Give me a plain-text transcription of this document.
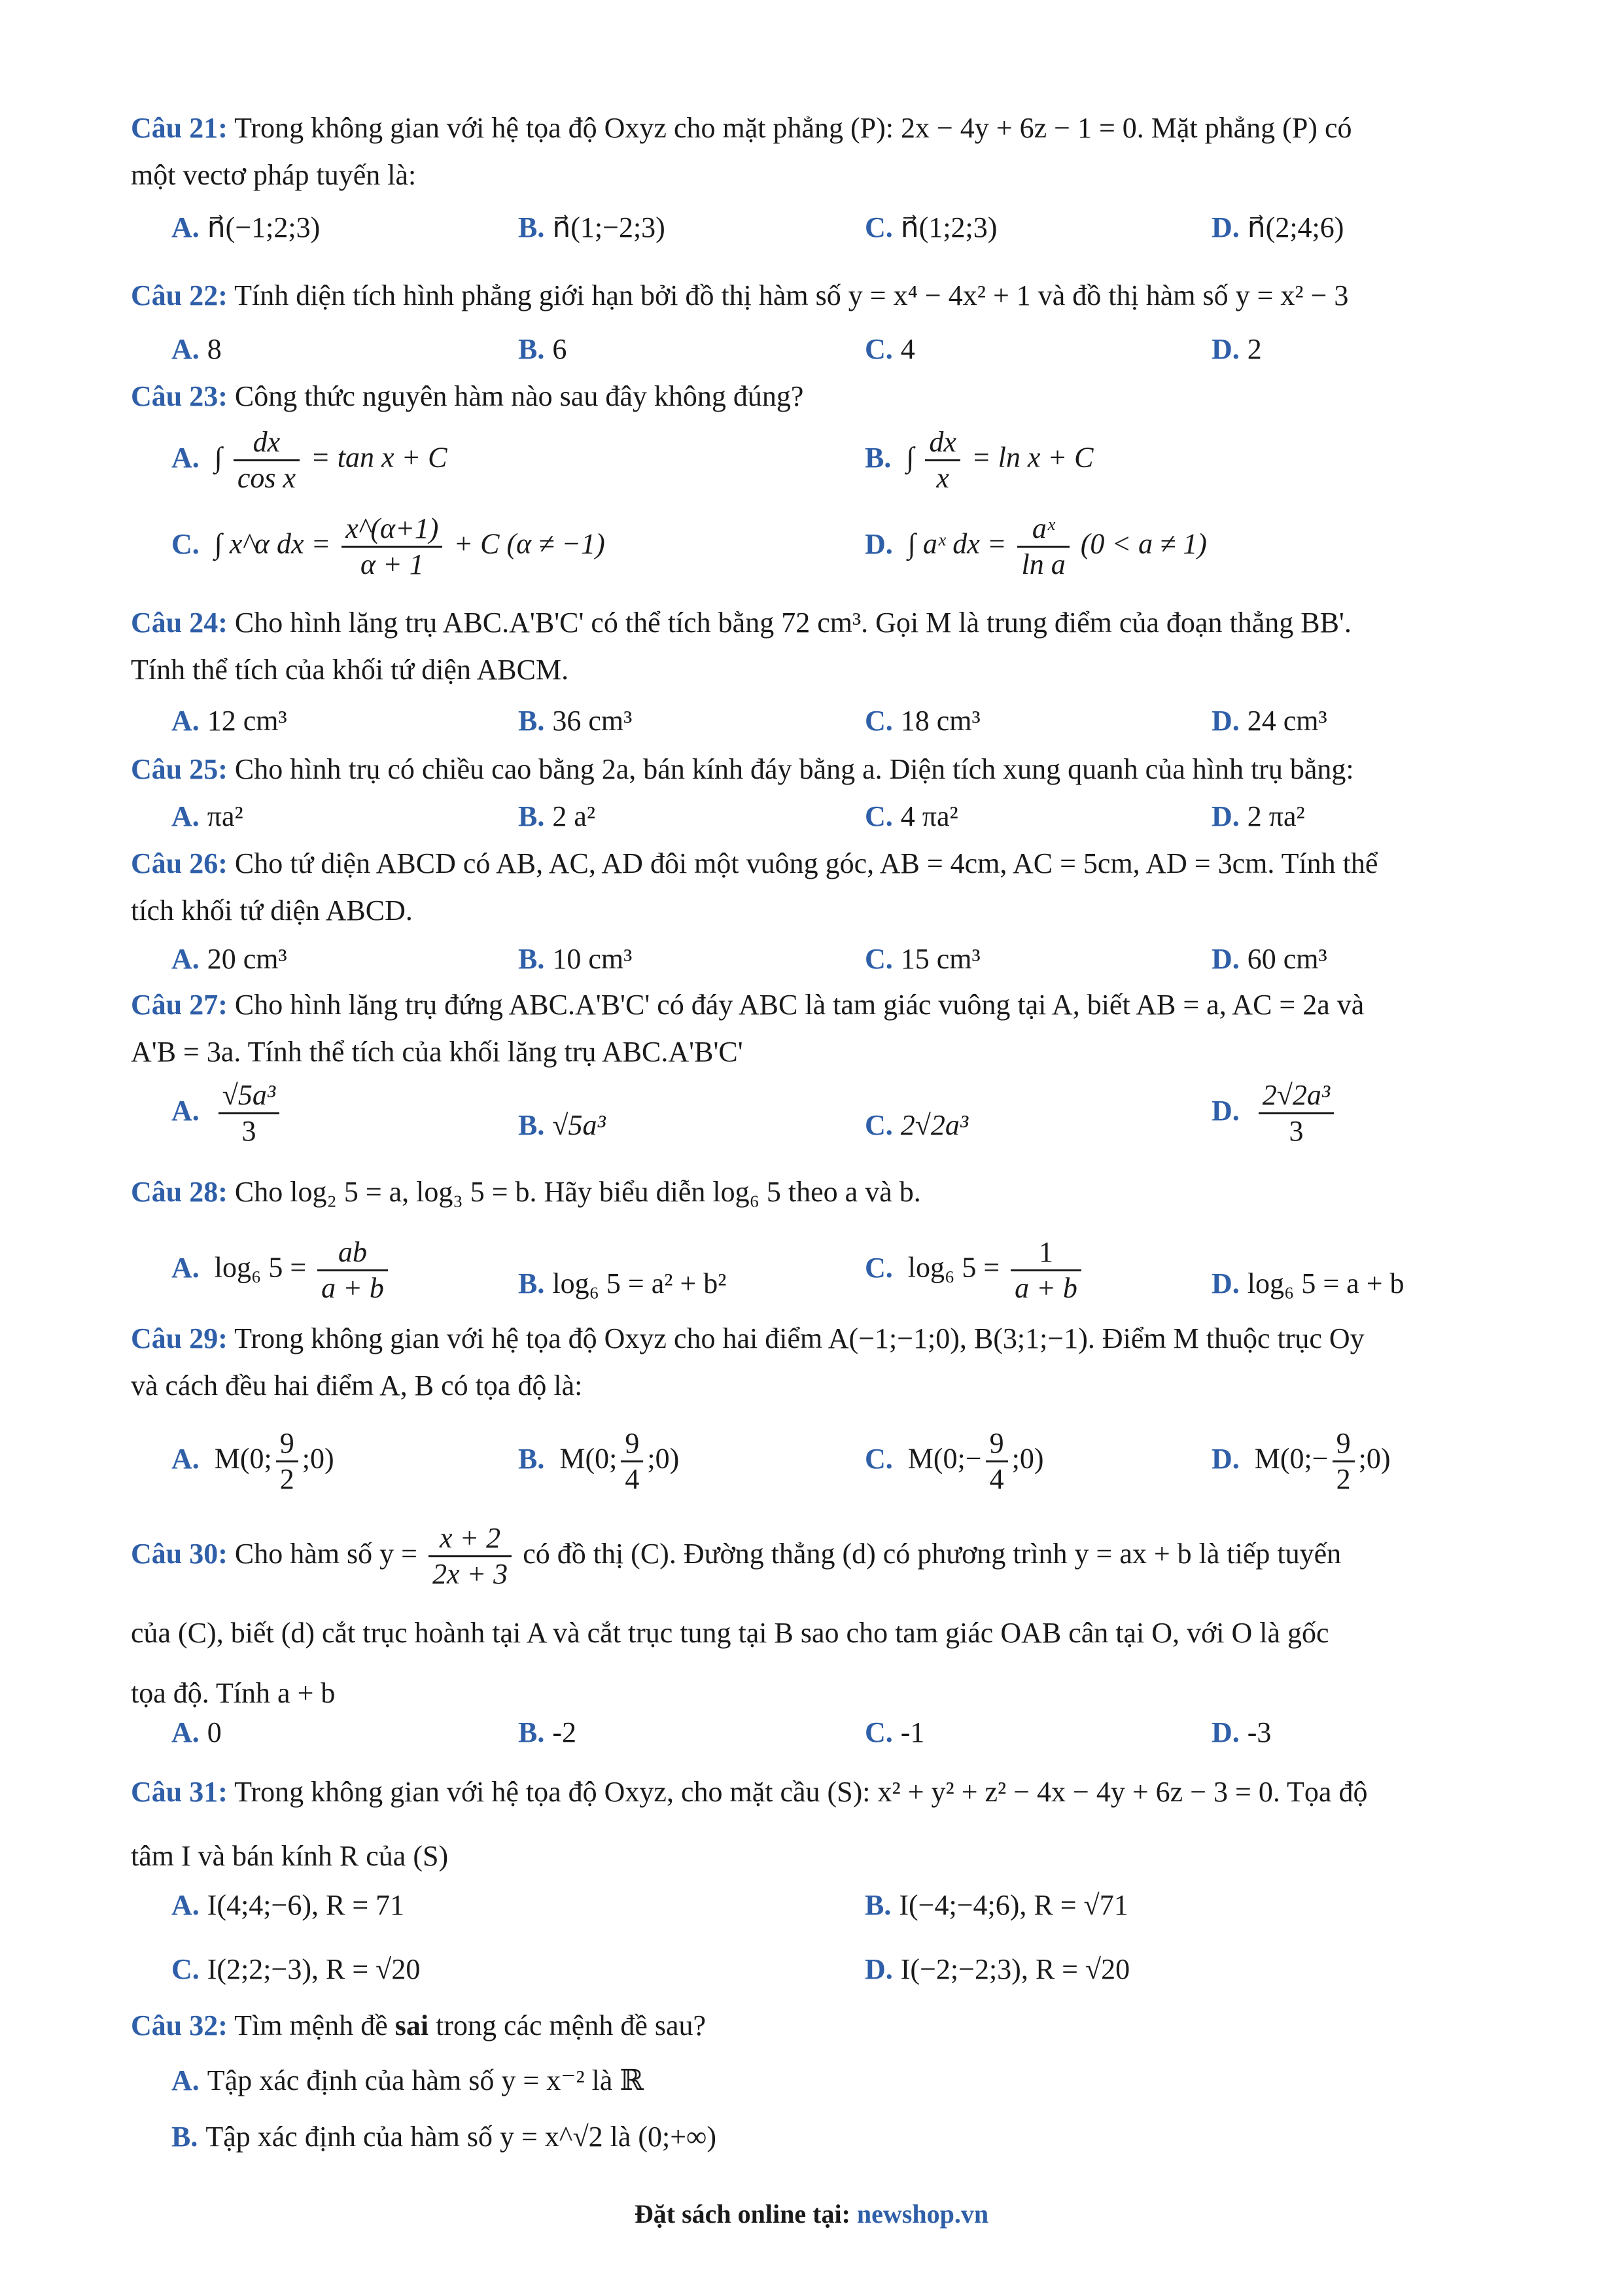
Câu 21: Trong không gian với hệ tọa độ Oxyz cho mặt phẳng (P): 2x − 4y + 6z − 1 = 0. Mặt phẳng (P) có
một vectơ pháp tuyến là:
A. n⃗(−1;2;3)	B. n⃗(1;−2;3)	C. n⃗(1;2;3)	D. n⃗(2;4;6)
Câu 22: Tính diện tích hình phẳng giới hạn bởi đồ thị hàm số y = x⁴ − 4x² + 1 và đồ thị hàm số y = x² − 3
A. 8	B. 6	C. 4	D. 2
Câu 23: Công thức nguyên hàm nào sau đây không đúng?
A. ∫ $\frac{dx}{\text{cos x}} = \tan x + C$	B. ∫ $\frac{dx}{x} = \ln x + C$
C. ∫ x^α dx = $\frac{x\^{}(\alpha+1)}{\alpha + 1} + C$ (α ≠ −1)	D. ∫ aˣ dx = $\frac{\text{aˣ}}{\text{ln a}} (0 < a \ne 1)$
Câu 24: Cho hình lăng trụ ABC.A'B'C' có thể tích bằng 72 cm³. Gọi M là trung điểm của đoạn thẳng BB'.
Tính thể tích của khối tứ diện ABCM.
A. 12 cm³	B. 36 cm³	C. 18 cm³	D. 24 cm³
Câu 25: Cho hình trụ có chiều cao bằng 2a, bán kính đáy bằng a. Diện tích xung quanh của hình trụ bằng:
A. πa²	B. 2 a²	C. 4 πa²	D. 2 πa²
Câu 26: Cho tứ diện ABCD có AB, AC, AD đôi một vuông góc, AB = 4cm, AC = 5cm, AD = 3cm. Tính thể
tích khối tứ diện ABCD.
A. 20 cm³	B. 10 cm³	C. 15 cm³	D. 60 cm³
Câu 27: Cho hình lăng trụ đứng ABC.A'B'C' có đáy ABC là tam giác vuông tại A, biết AB = a, AC = 2a và
A'B = 3a. Tính thể tích của khối lăng trụ ABC.A'B'C'
A. $\frac{\text{√5a³}}{3}$	B. √5a³	C. 2√2a³	D. $\frac{\text{2√2a³}}{3}$
Câu 28: Cho log₂ 5 = a, log₃ 5 = b. Hãy biểu diễn log₆ 5 theo a và b.
A. log₆ $5 = \frac{ab}{a + b}$	B. log₆ 5 = a² + b²	C. log₆ $5 = \frac{1}{a + b}$	D. log₆ 5 = a + b
Câu 29: Trong không gian với hệ tọa độ Oxyz cho hai điểm A(−1;−1;0), B(3;1;−1). Điểm M thuộc trục Oy
và cách đều hai điểm A, B có tọa độ là:
A. M(0; $\frac{9}{2}$ ;0)	B. M(0; $\frac{9}{4}$ ;0)	C. M(0;− $\frac{9}{4}$ ;0)	D. M(0;− $\frac{9}{2}$ ;0)
Câu 30: Cho hàm số $y = \frac{x + 2}{2x + 3}$ có đồ thị (C). Đường thẳng (d) có phương trình y = ax + b là tiếp tuyến
của (C), biết (d) cắt trục hoành tại A và cắt trục tung tại B sao cho tam giác OAB cân tại O, với O là gốc
tọa độ. Tính a + b
A. 0	B. -2	C. -1	D. -3
Câu 31: Trong không gian với hệ tọa độ Oxyz, cho mặt cầu (S): x² + y² + z² − 4x − 4y + 6z − 3 = 0. Tọa độ
tâm I và bán kính R của (S)
A. I(4;4;−6), R = 71	B. I(−4;−4;6), R = √71
C. I(2;2;−3), R = √20	D. I(−2;−2;3), R = √20
Câu 32: Tìm mệnh đề sai trong các mệnh đề sau?
A. Tập xác định của hàm số y = x⁻² là ℝ
B. Tập xác định của hàm số y = x^√2 là (0;+∞)
Đặt sách online tại: newshop.vn
